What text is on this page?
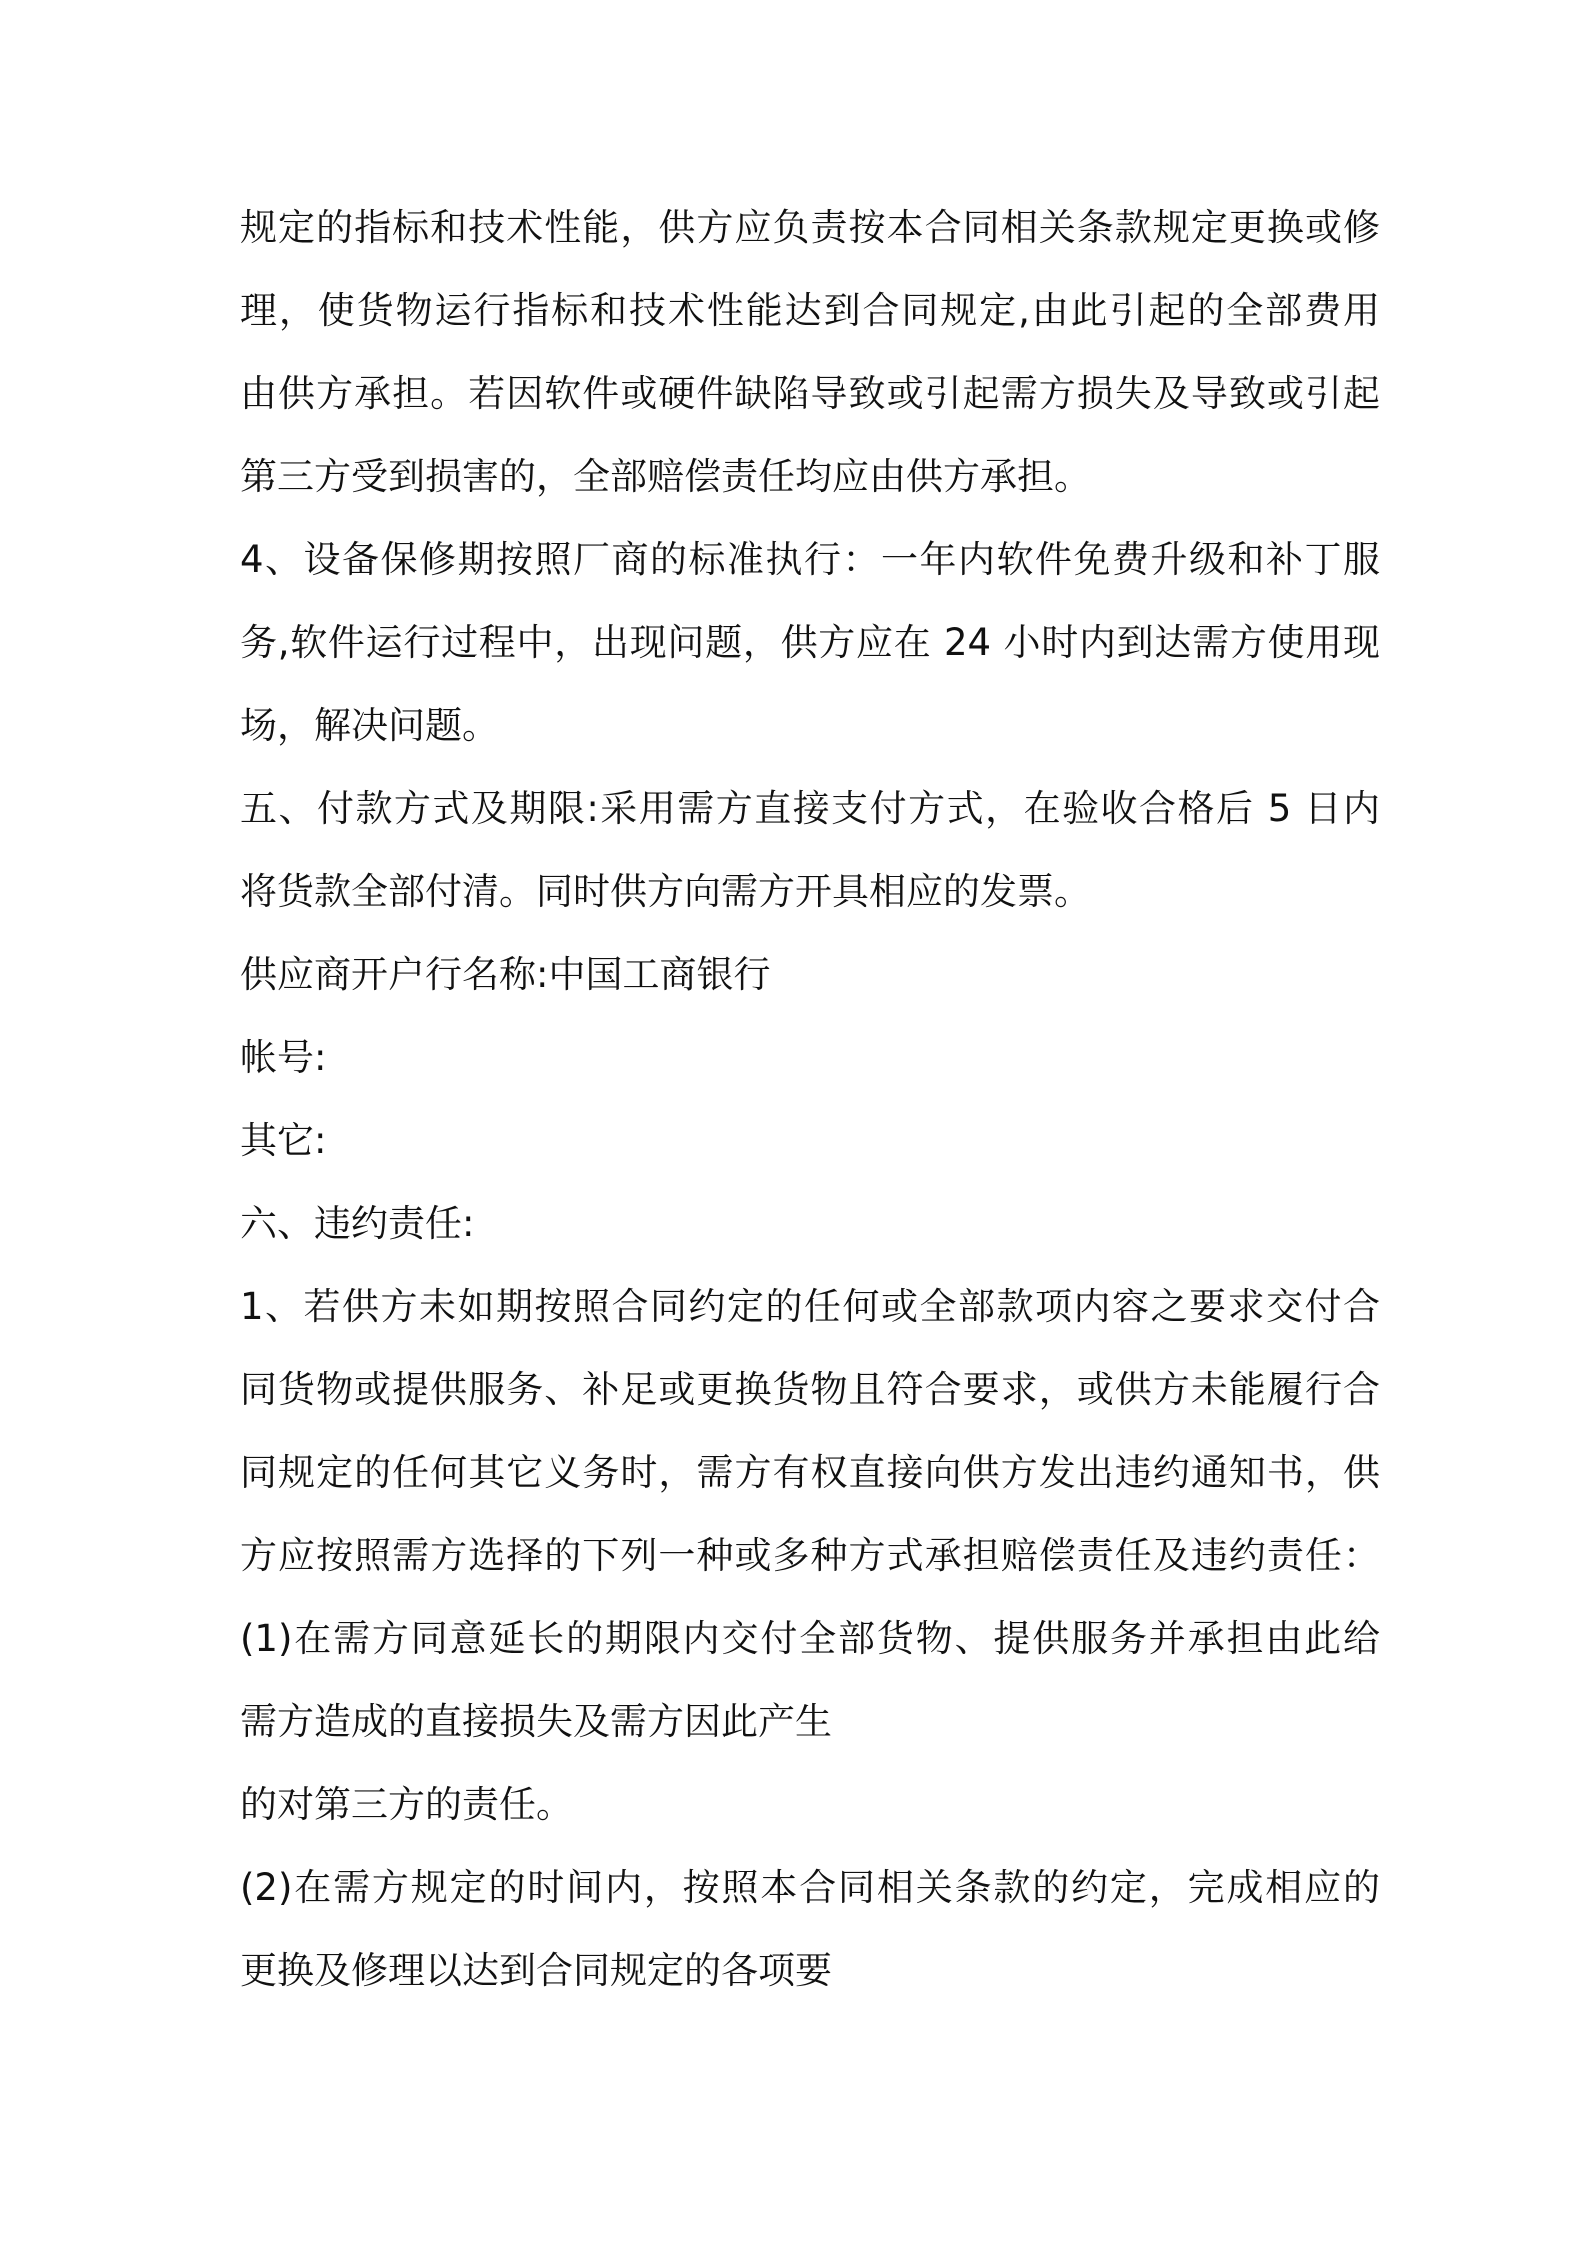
规定的指标和技术性能，供方应负责按本合同相关条款规定更换或修
理，使货物运行指标和技术性能达到合同规定,由此引起的全部费用
由供方承担。若因软件或硬件缺陷导致或引起需方损失及导致或引起
第三方受到损害的，全部赔偿责任均应由供方承担。
4、设备保修期按照厂商的标准执行：一年内软件免费升级和补丁服
务,软件运行过程中，出现问题，供方应在 24 小时内到达需方使用现
场，解决问题。
五、付款方式及期限:采用需方直接支付方式，在验收合格后 5 日内
将货款全部付清。同时供方向需方开具相应的发票。
供应商开户行名称:中国工商银行
帐号:
其它:
六、违约责任:
1、若供方未如期按照合同约定的任何或全部款项内容之要求交付合
同货物或提供服务、补足或更换货物且符合要求，或供方未能履行合
同规定的任何其它义务时，需方有权直接向供方发出违约通知书，供
方应按照需方选择的下列一种或多种方式承担赔偿责任及违约责任：
(1)在需方同意延长的期限内交付全部货物、提供服务并承担由此给
需方造成的直接损失及需方因此产生
的对第三方的责任。
(2)在需方规定的时间内，按照本合同相关条款的约定，完成相应的
更换及修理以达到合同规定的各项要
